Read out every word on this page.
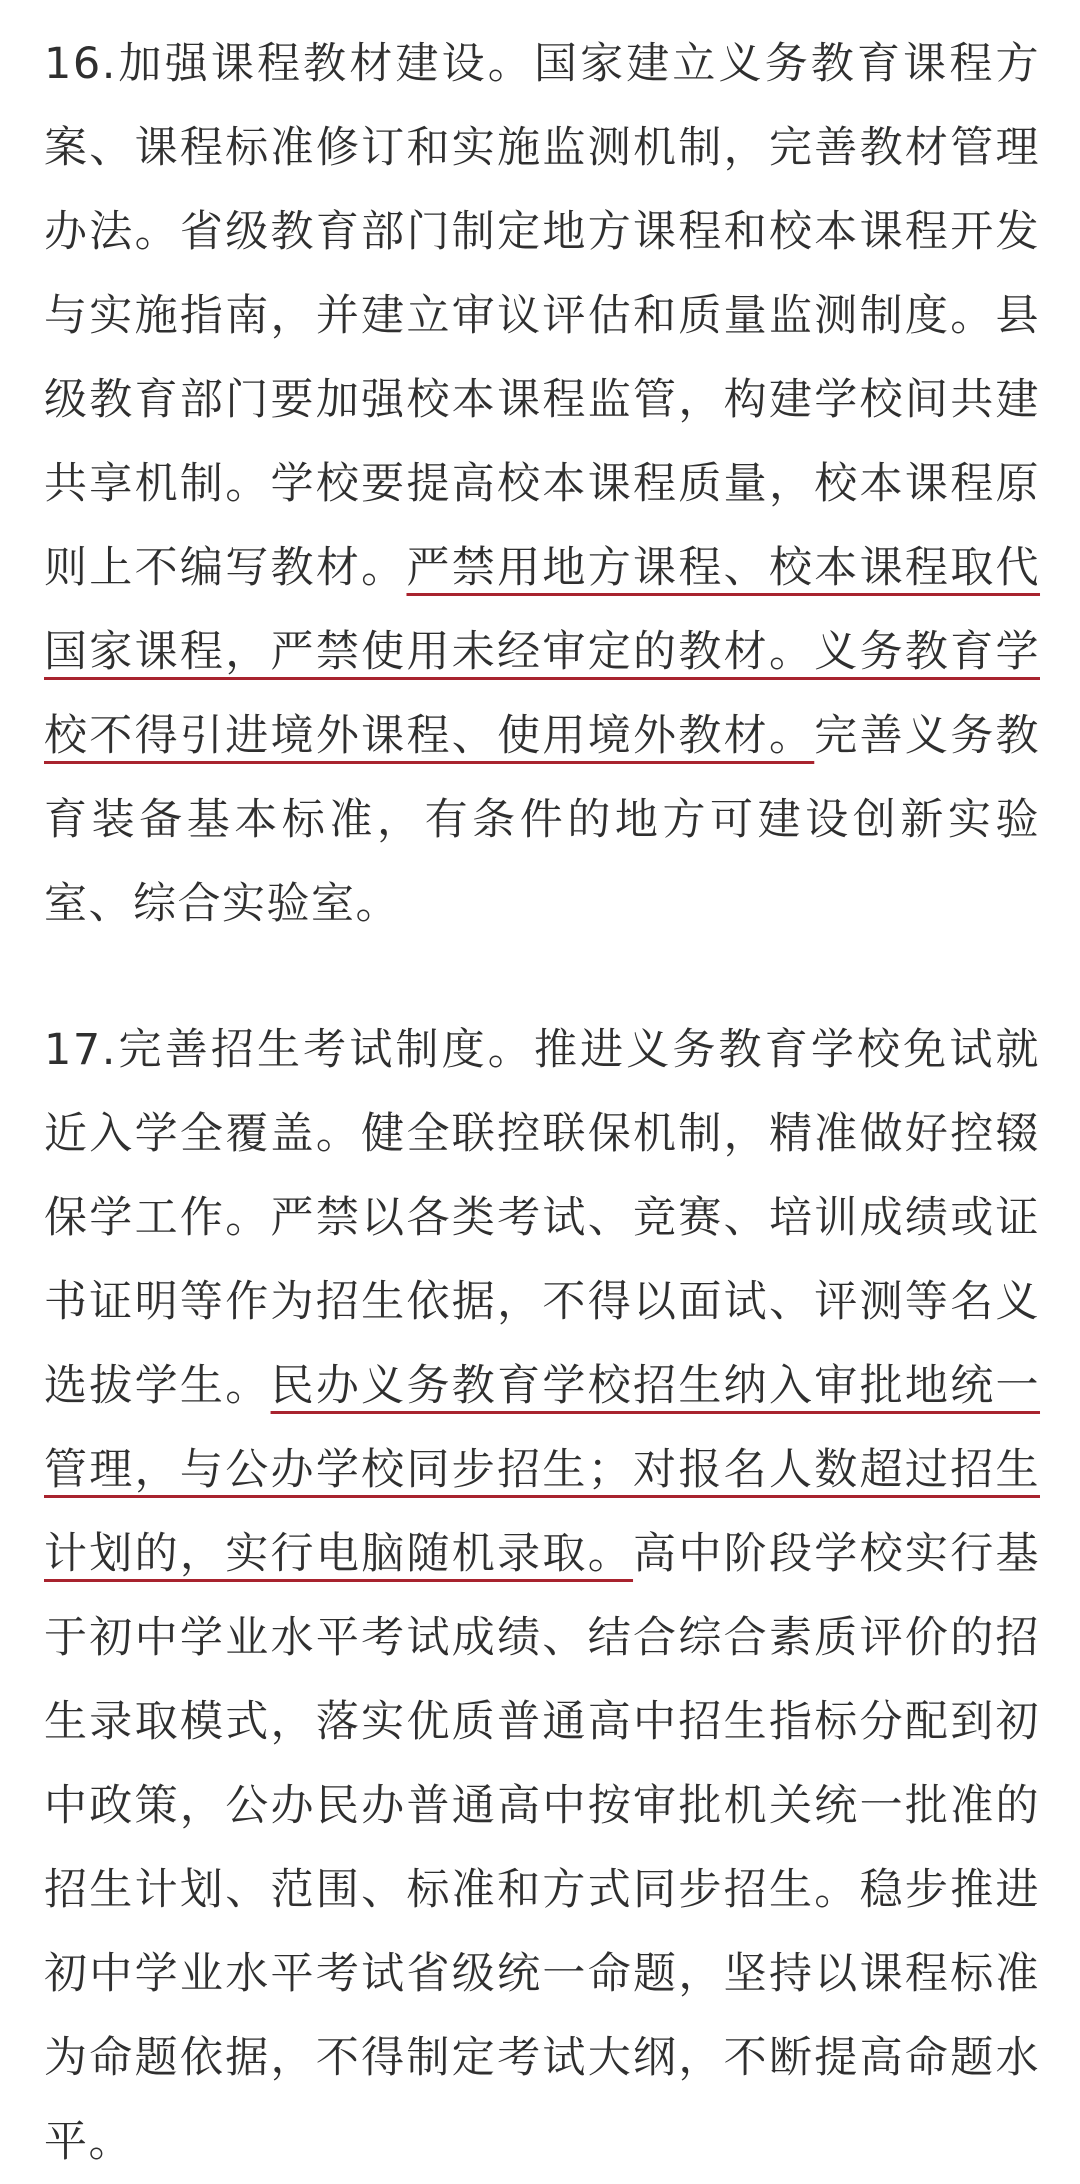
16.加强课程教材建设。国家建立义务教育课程方案、课程标准修订和实施监测机制，完善教材管理办法。省级教育部门制定地方课程和校本课程开发与实施指南，并建立审议评估和质量监测制度。县级教育部门要加强校本课程监管，构建学校间共建共享机制。学校要提高校本课程质量，校本课程原则上不编写教材。严禁用地方课程、校本课程取代国家课程，严禁使用未经审定的教材。义务教育学校不得引进境外课程、使用境外教材。完善义务教育装备基本标准，有条件的地方可建设创新实验室、综合实验室。

17.完善招生考试制度。推进义务教育学校免试就近入学全覆盖。健全联控联保机制，精准做好控辍保学工作。严禁以各类考试、竞赛、培训成绩或证书证明等作为招生依据，不得以面试、评测等名义选拔学生。民办义务教育学校招生纳入审批地统一管理，与公办学校同步招生；对报名人数超过招生计划的，实行电脑随机录取。高中阶段学校实行基于初中学业水平考试成绩、结合综合素质评价的招生录取模式，落实优质普通高中招生指标分配到初中政策，公办民办普通高中按审批机关统一批准的招生计划、范围、标准和方式同步招生。稳步推进初中学业水平考试省级统一命题，坚持以课程标准为命题依据，不得制定考试大纲，不断提高命题水平。
